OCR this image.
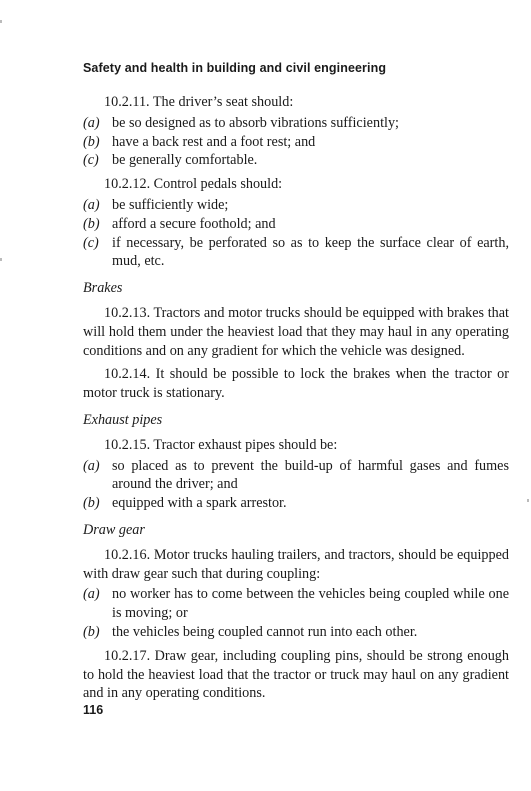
Safety and health in building and civil engineering

10.2.11. The driver’s seat should:

(a) be so designed as to absorb vibrations sufficiently;
(b) have a back rest and a foot rest; and
(c) be generally comfortable.

10.2.12. Control pedals should:

(a) be sufficiently wide;
(b) afford a secure foothold; and
(c) if necessary, be perforated so as to keep the surface clear of earth, mud, etc.
Brakes

10.2.13. Tractors and motor trucks should be equipped with brakes that will hold them under the heaviest load that they may haul in any operating conditions and on any gradient for which the vehicle was designed.

10.2.14. It should be possible to lock the brakes when the tractor or motor truck is stationary.

Exhaust pipes

10.2.15. Tractor exhaust pipes should be:

(a) so placed as to prevent the build-up of harmful gases and fumes around the driver; and
(b) equipped with a spark arrestor.
Draw gear

10.2.16. Motor trucks hauling trailers, and tractors, should be equipped with draw gear such that during coupling:

(a) no worker has to come between the vehicles being coupled while one is moving; or
(b) the vehicles being coupled cannot run into each other.

10.2.17. Draw gear, including coupling pins, should be strong enough to hold the heaviest load that the tractor or truck may haul on any gradient and in any operating conditions.

116
